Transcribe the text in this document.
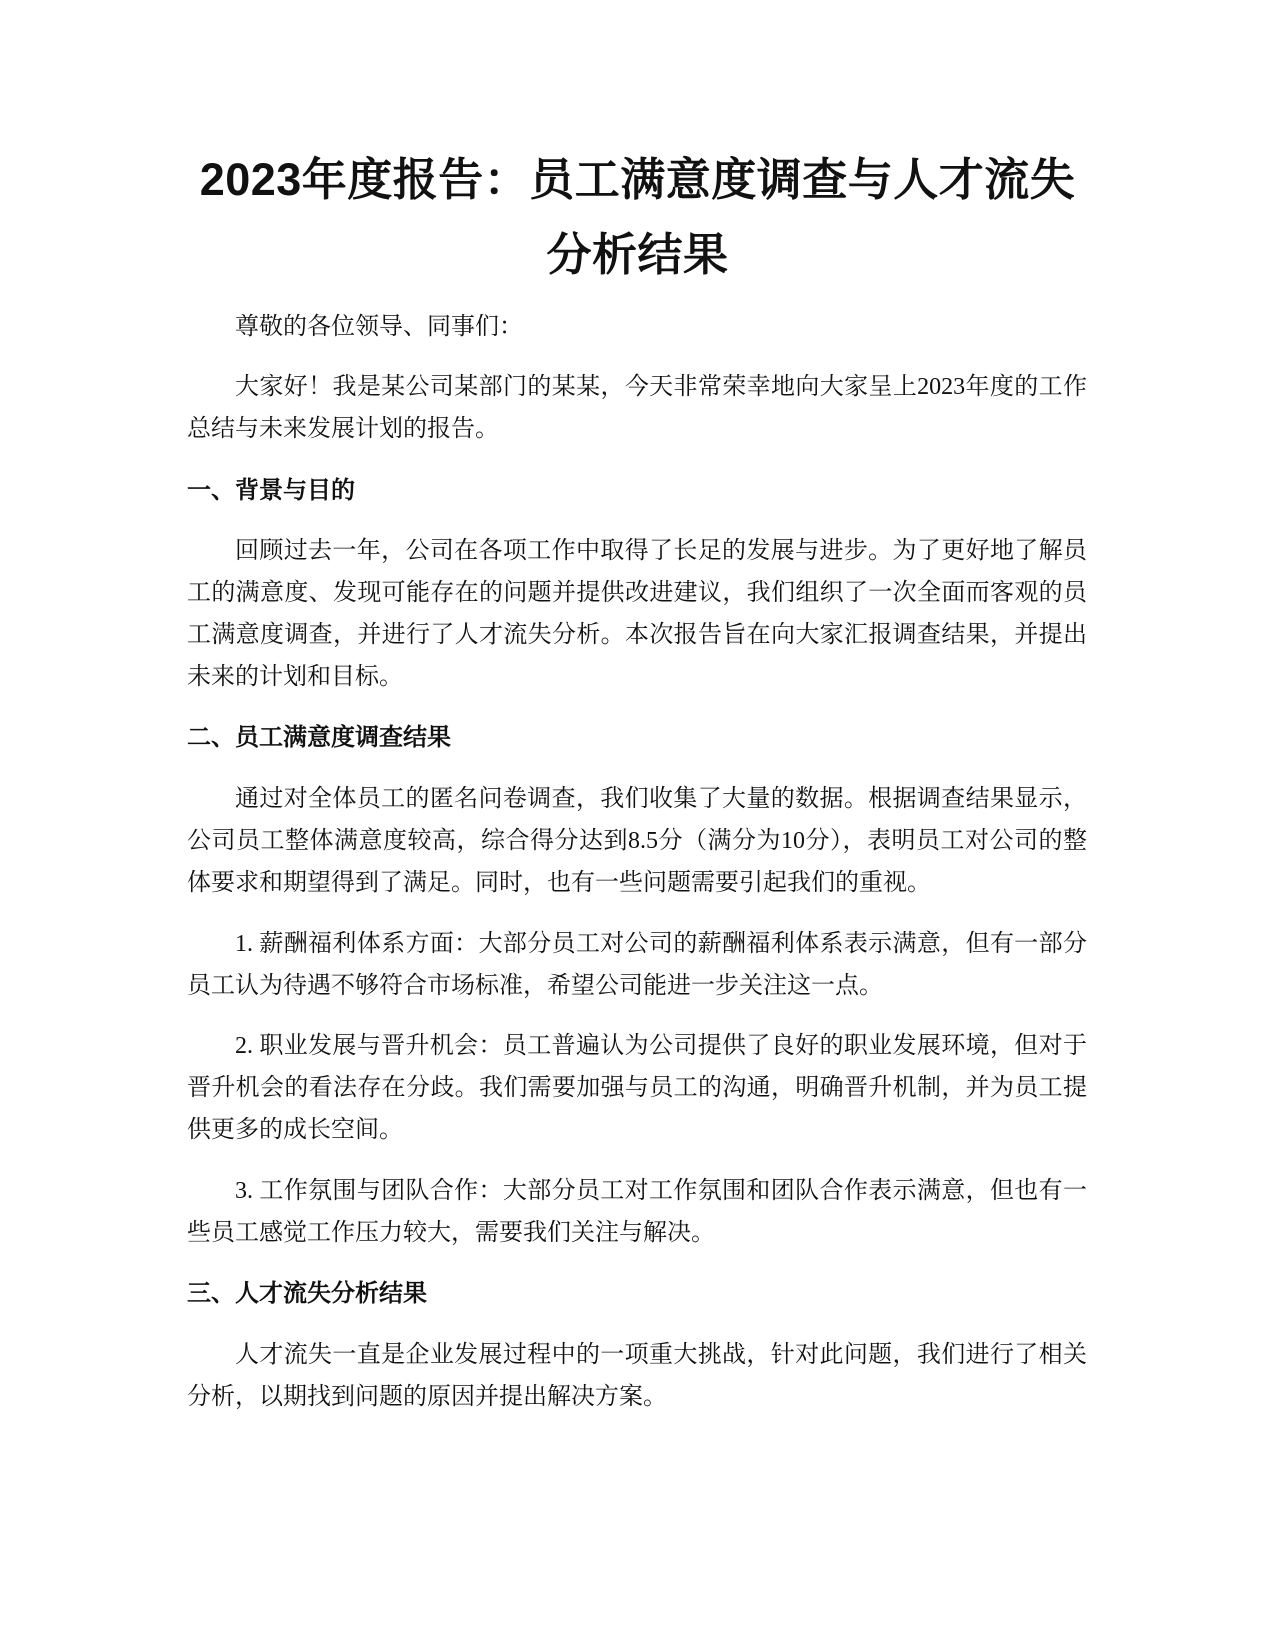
2023年度报告：员工满意度调查与人才流失
分析结果

尊敬的各位领导、同事们：

大家好！我是某公司某部门的某某，今天非常荣幸地向大家呈上2023年度的工作总结与未来发展计划的报告。

一、背景与目的

回顾过去一年，公司在各项工作中取得了长足的发展与进步。为了更好地了解员工的满意度、发现可能存在的问题并提供改进建议，我们组织了一次全面而客观的员工满意度调查，并进行了人才流失分析。本次报告旨在向大家汇报调查结果，并提出未来的计划和目标。

二、员工满意度调查结果

通过对全体员工的匿名问卷调查，我们收集了大量的数据。根据调查结果显示，公司员工整体满意度较高，综合得分达到8.5分（满分为10分），表明员工对公司的整体要求和期望得到了满足。同时，也有一些问题需要引起我们的重视。

1. 薪酬福利体系方面：大部分员工对公司的薪酬福利体系表示满意，但有一部分员工认为待遇不够符合市场标准，希望公司能进一步关注这一点。

2. 职业发展与晋升机会：员工普遍认为公司提供了良好的职业发展环境，但对于晋升机会的看法存在分歧。我们需要加强与员工的沟通，明确晋升机制，并为员工提供更多的成长空间。

3. 工作氛围与团队合作：大部分员工对工作氛围和团队合作表示满意，但也有一些员工感觉工作压力较大，需要我们关注与解决。

三、人才流失分析结果

人才流失一直是企业发展过程中的一项重大挑战，针对此问题，我们进行了相关分析，以期找到问题的原因并提出解决方案。
